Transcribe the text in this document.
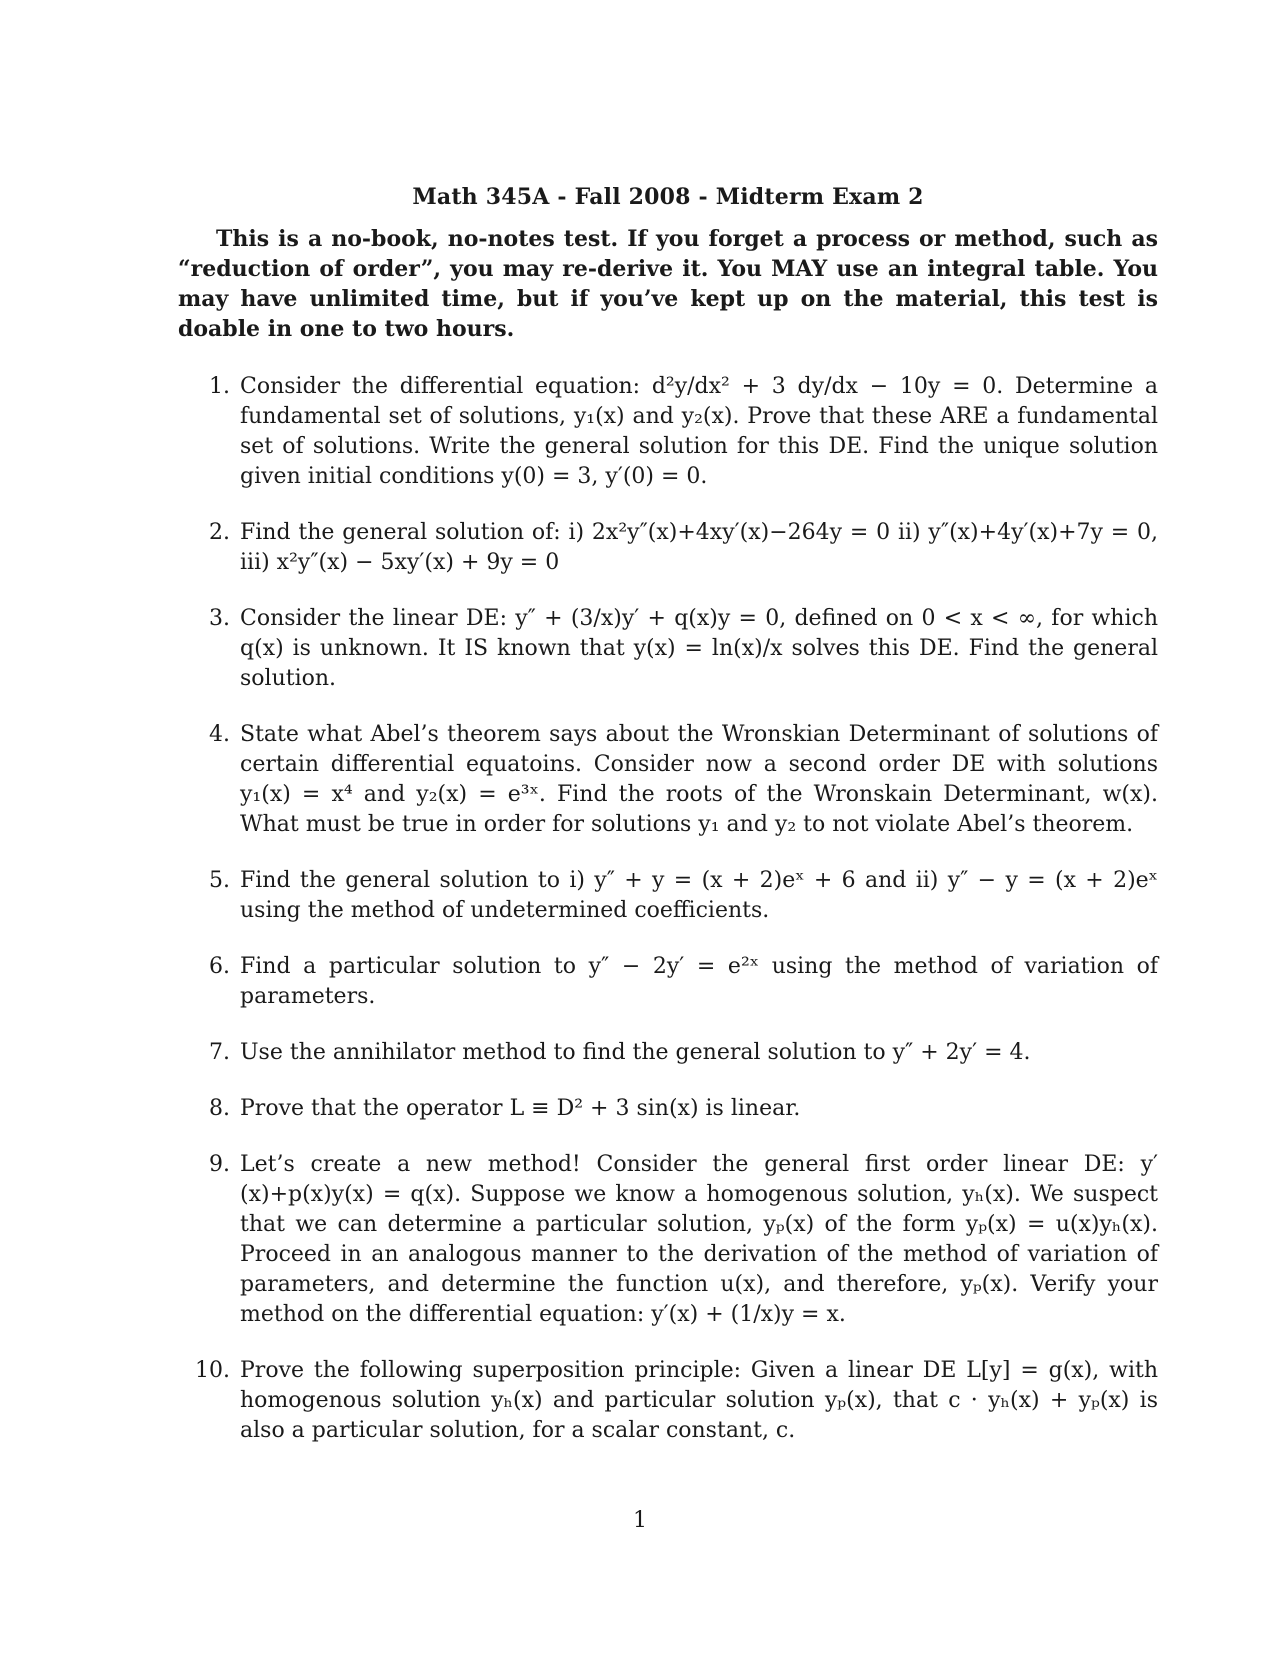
Math 345A - Fall 2008 - Midterm Exam 2

This is a no-book, no-notes test. If you forget a process or method, such as “reduction of order”, you may re-derive it. You MAY use an integral table. You may have unlimited time, but if you’ve kept up on the material, this test is doable in one to two hours.

1. Consider the differential equation: d²y/dx² + 3 dy/dx − 10y = 0. Determine a fundamental set of solutions, y₁(x) and y₂(x). Prove that these ARE a fundamental set of solutions. Write the general solution for this DE. Find the unique solution given initial conditions y(0) = 3, y′(0) = 0.
2. Find the general solution of: i) 2x²y″(x)+4xy′(x)−264y = 0 ii) y″(x)+4y′(x)+7y = 0, iii) x²y″(x) − 5xy′(x) + 9y = 0
3. Consider the linear DE: y″ + (3/x)y′ + q(x)y = 0, defined on 0 < x < ∞, for which q(x) is unknown. It IS known that y(x) = ln(x)/x solves this DE. Find the general solution.
4. State what Abel’s theorem says about the Wronskian Determinant of solutions of certain differential equatoins. Consider now a second order DE with solutions y₁(x) = x⁴ and y₂(x) = e³ˣ. Find the roots of the Wronskain Determinant, w(x). What must be true in order for solutions y₁ and y₂ to not violate Abel’s theorem.
5. Find the general solution to i) y″ + y = (x + 2)eˣ + 6 and ii) y″ − y = (x + 2)eˣ using the method of undetermined coefficients.
6. Find a particular solution to y″ − 2y′ = e²ˣ using the method of variation of parameters.
7. Use the annihilator method to find the general solution to y″ + 2y′ = 4.
8. Prove that the operator L ≡ D² + 3 sin(x) is linear.
9. Let’s create a new method! Consider the general first order linear DE: y′(x)+p(x)y(x) = q(x). Suppose we know a homogenous solution, yₕ(x). We suspect that we can determine a particular solution, yₚ(x) of the form yₚ(x) = u(x)yₕ(x). Proceed in an analogous manner to the derivation of the method of variation of parameters, and determine the function u(x), and therefore, yₚ(x). Verify your method on the differential equation: y′(x) + (1/x)y = x.
10. Prove the following superposition principle: Given a linear DE L[y] = g(x), with homogenous solution yₕ(x) and particular solution yₚ(x), that c · yₕ(x) + yₚ(x) is also a particular solution, for a scalar constant, c.
1
